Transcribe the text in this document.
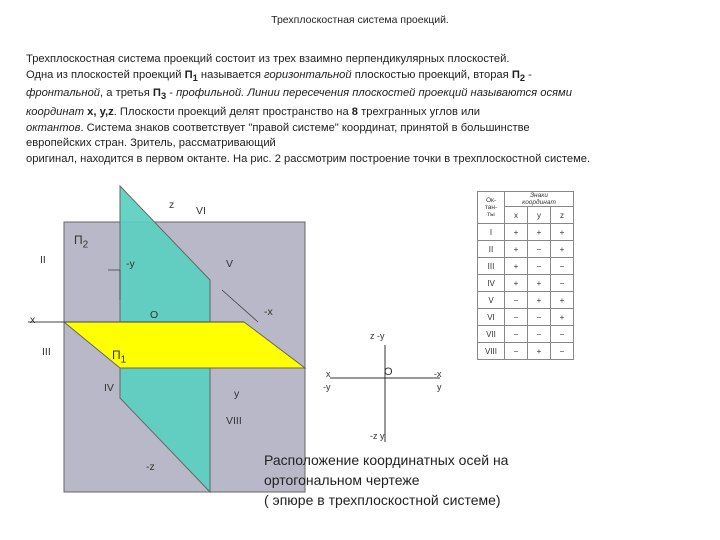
Трехплоскостная система проекций.
Трехплоскостная система проекций состоит из трех взаимно перпендикулярных плоскостей.
Одна из плоскостей проекций $П_1$ называется горизонтальной плоскостью проекций, вторая $П_2$ -
фронтальной, а третья $П_3$ - профильной. Линии пересечения плоскостей проекций называются осями
координат x, y,z. Плоскости проекций делят пространство на 8 трехгранных углов или
октантов. Система знаков соответствует "правой системе" координат, принятой в большинстве
европейских стран. Зритель, рассматривающий
оригинал, находится в первом октанте. На рис. 2 рассмотрим построение точки в трехплоскостной системе.
z VI
$П_2$
II	-y	V
x	O	-x
III	$П_1$
IV	y
VIII
-z
Ок-
тан-
ты	Знаки
координат		
	x	y	z
I	+	+	+
II	+	−	+
III	+	−	−
IV	+	+	−
V	−	+	+
VI	−	−	+
VII	−	−	−
VIII	−	+	−
z -y
x
-y
O	-x
y
-z y
Расположение координатных осей на
ортогональном чертеже
( эпюре в трехплоскостной системе)
